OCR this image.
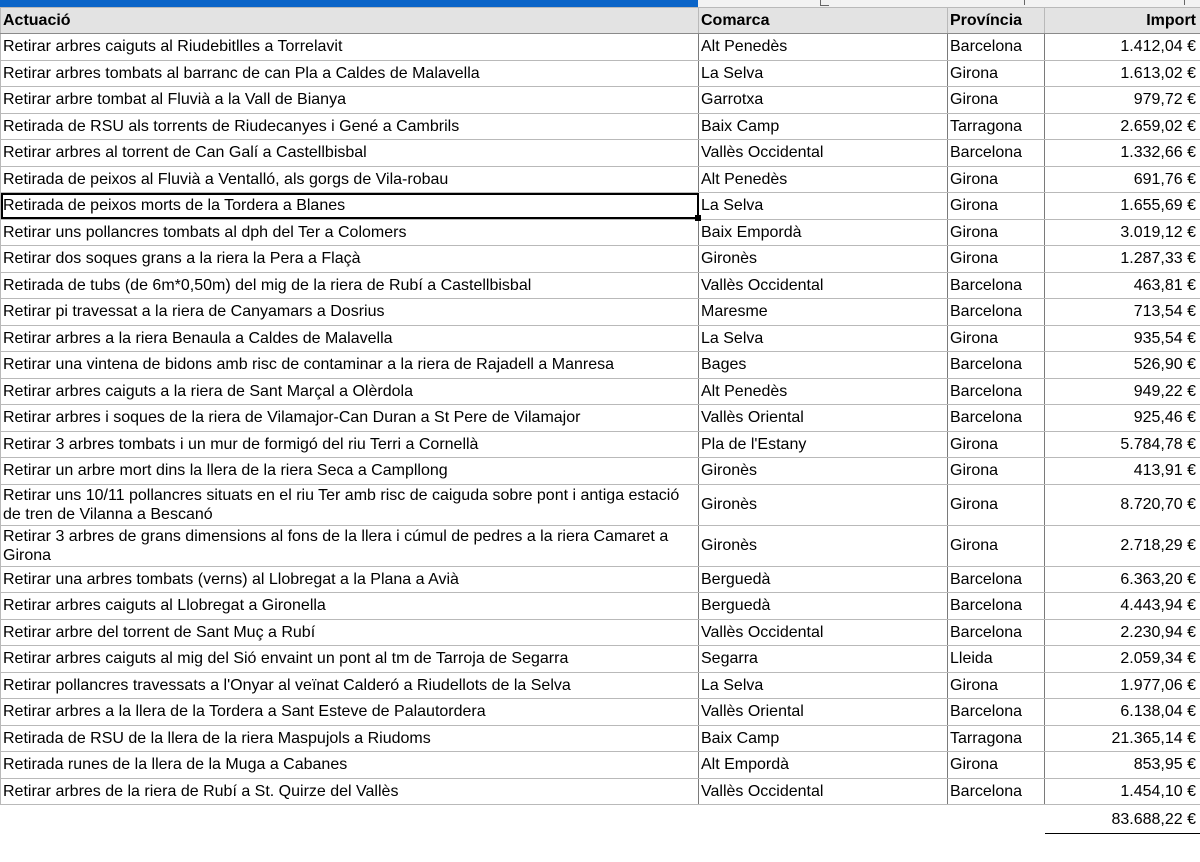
Actuació	Comarca	Província	Import
Retirar arbres caiguts al Riudebitlles a Torrelavit	Alt Penedès	Barcelona	1.412,04 €
Retirar arbres tombats al barranc de can Pla a Caldes de Malavella	La Selva	Girona	1.613,02 €
Retirar arbre tombat al Fluvià a la Vall de Bianya	Garrotxa	Girona	979,72 €
Retirada de RSU als torrents de Riudecanyes i Gené a Cambrils	Baix Camp	Tarragona	2.659,02 €
Retirar arbres al torrent de Can Galí a Castellbisbal	Vallès Occidental	Barcelona	1.332,66 €
Retirada de peixos al Fluvià a Ventalló, als gorgs de Vila-robau	Alt Penedès	Girona	691,76 €
Retirada de peixos morts de la Tordera a Blanes	La Selva	Girona	1.655,69 €
Retirar uns pollancres tombats al dph del Ter a Colomers	Baix Empordà	Girona	3.019,12 €
Retirar dos soques grans a la riera la Pera a Flaçà	Gironès	Girona	1.287,33 €
Retirada de tubs (de 6m*0,50m) del mig de la riera de Rubí a Castellbisbal	Vallès Occidental	Barcelona	463,81 €
Retirar pi travessat a la riera de Canyamars a Dosrius	Maresme	Barcelona	713,54 €
Retirar arbres a la riera Benaula a Caldes de Malavella	La Selva	Girona	935,54 €
Retirar una vintena de bidons amb risc de contaminar a la riera de Rajadell a Manresa	Bages	Barcelona	526,90 €
Retirar arbres caiguts a la riera de Sant Marçal a Olèrdola	Alt Penedès	Barcelona	949,22 €
Retirar arbres i soques de la riera de Vilamajor-Can Duran a St Pere de Vilamajor	Vallès Oriental	Barcelona	925,46 €
Retirar 3 arbres tombats i un mur de formigó del riu Terri a Cornellà	Pla de l'Estany	Girona	5.784,78 €
Retirar un arbre mort dins la llera de la riera Seca a Campllong	Gironès	Girona	413,91 €
Retirar uns 10/11 pollancres situats en el riu Ter amb risc de caiguda sobre pont i antiga estació de tren de Vilanna a Bescanó	Gironès	Girona	8.720,70 €
Retirar 3 arbres de grans dimensions al fons de la llera i cúmul de pedres a la riera Camaret a Girona	Gironès	Girona	2.718,29 €
Retirar una arbres tombats (verns) al Llobregat a la Plana a Avià	Berguedà	Barcelona	6.363,20 €
Retirar arbres caiguts al Llobregat a Gironella	Berguedà	Barcelona	4.443,94 €
Retirar arbre del torrent de Sant Muç a Rubí	Vallès Occidental	Barcelona	2.230,94 €
Retirar arbres caiguts al mig del Sió envaint un pont al tm de Tarroja de Segarra	Segarra	Lleida	2.059,34 €
Retirar pollancres travessats a l'Onyar al veïnat Calderó a Riudellots de la Selva	La Selva	Girona	1.977,06 €
Retirar arbres a la llera de la Tordera a Sant Esteve de Palautordera	Vallès Oriental	Barcelona	6.138,04 €
Retirada de RSU de la llera de la riera Maspujols a Riudoms	Baix Camp	Tarragona	21.365,14 €
Retirada runes de la llera de la Muga a Cabanes	Alt Empordà	Girona	853,95 €
Retirar arbres de la riera de Rubí a St. Quirze del Vallès	Vallès Occidental	Barcelona	1.454,10 €
			83.688,22 €
